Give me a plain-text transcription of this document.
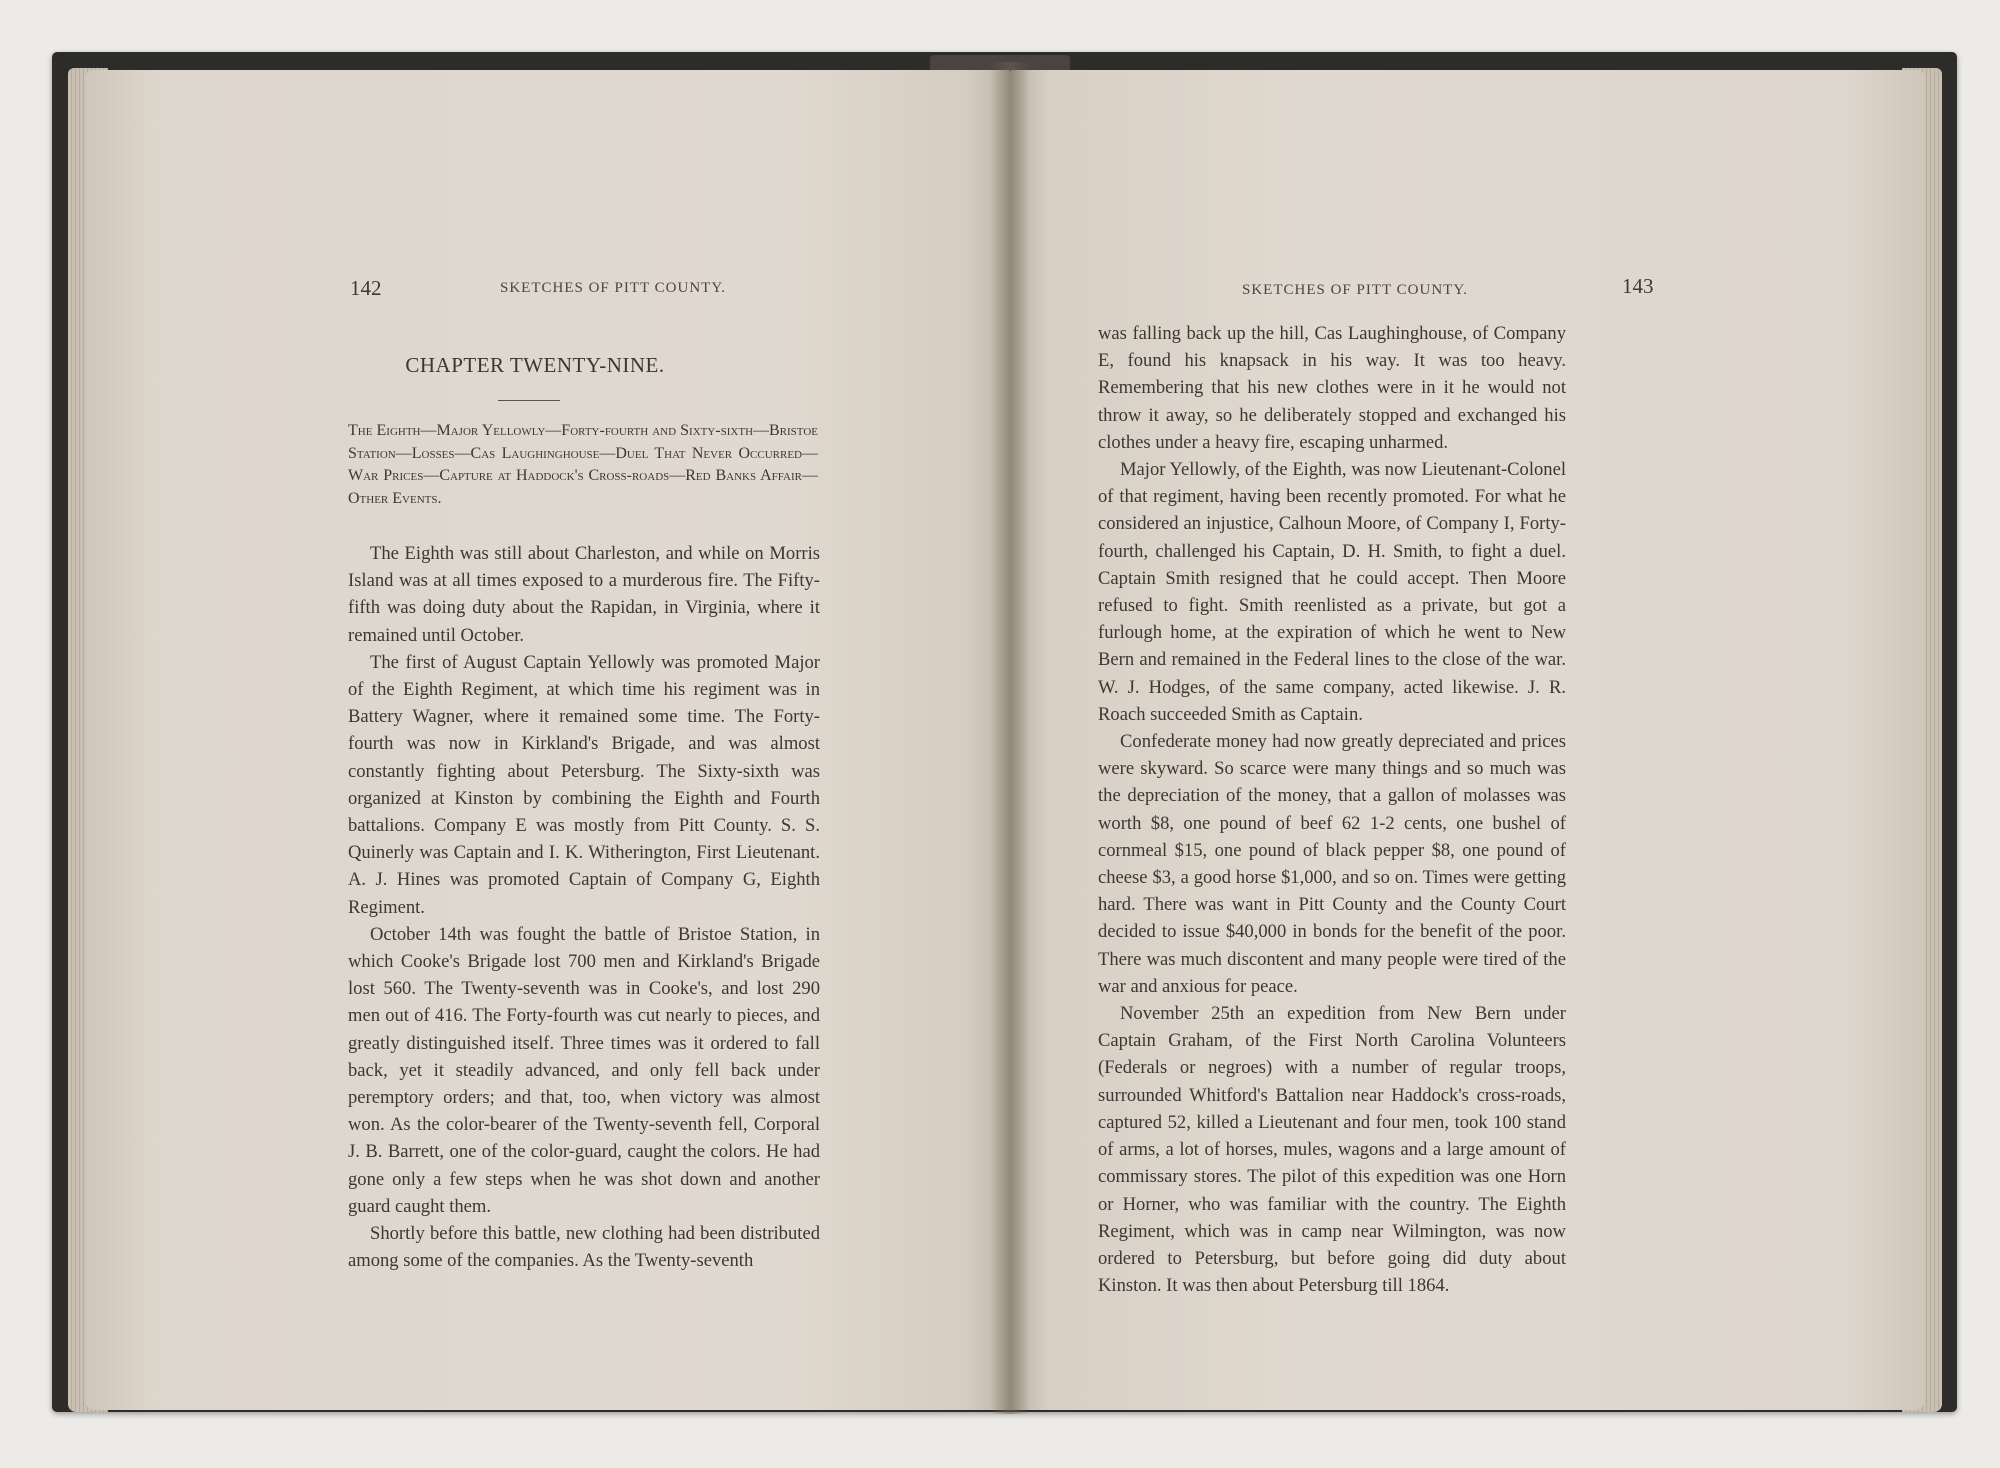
142	SKETCHES OF PITT COUNTY.
CHAPTER TWENTY-NINE.
The Eighth—Major Yellowly—Forty-fourth and Sixty-sixth—Bristoe Station—Losses—Cas Laughinghouse—Duel That Never Occurred—War Prices—Capture at Haddock's Cross-roads—Red Banks Affair—Other Events.

The Eighth was still about Charleston, and while on Morris Island was at all times exposed to a murderous fire. The Fifty-fifth was doing duty about the Rapidan, in Virginia, where it remained until October.

The first of August Captain Yellowly was promoted Major of the Eighth Regiment, at which time his regiment was in Battery Wagner, where it remained some time. The Forty-fourth was now in Kirkland's Brigade, and was almost constantly fighting about Petersburg. The Sixty-sixth was organized at Kinston by combining the Eighth and Fourth battalions. Company E was mostly from Pitt County. S. S. Quinerly was Captain and I. K. Witherington, First Lieutenant. A. J. Hines was promoted Captain of Company G, Eighth Regiment.

October 14th was fought the battle of Bristoe Station, in which Cooke's Brigade lost 700 men and Kirkland's Brigade lost 560. The Twenty-seventh was in Cooke's, and lost 290 men out of 416. The Forty-fourth was cut nearly to pieces, and greatly distinguished itself. Three times was it ordered to fall back, yet it steadily advanced, and only fell back under peremptory orders; and that, too, when victory was almost won. As the color-bearer of the Twenty-seventh fell, Corporal J. B. Barrett, one of the color-guard, caught the colors. He had gone only a few steps when he was shot down and another guard caught them.

Shortly before this battle, new clothing had been distributed among some of the companies. As the Twenty-seventh

SKETCHES OF PITT COUNTY.	143

was falling back up the hill, Cas Laughinghouse, of Company E, found his knapsack in his way. It was too heavy. Remembering that his new clothes were in it he would not throw it away, so he deliberately stopped and exchanged his clothes under a heavy fire, escaping unharmed.

Major Yellowly, of the Eighth, was now Lieutenant-Colonel of that regiment, having been recently promoted. For what he considered an injustice, Calhoun Moore, of Company I, Forty-fourth, challenged his Captain, D. H. Smith, to fight a duel. Captain Smith resigned that he could accept. Then Moore refused to fight. Smith reenlisted as a private, but got a furlough home, at the expiration of which he went to New Bern and remained in the Federal lines to the close of the war. W. J. Hodges, of the same company, acted likewise. J. R. Roach succeeded Smith as Captain.

Confederate money had now greatly depreciated and prices were skyward. So scarce were many things and so much was the depreciation of the money, that a gallon of molasses was worth $8, one pound of beef 62 1-2 cents, one bushel of cornmeal $15, one pound of black pepper $8, one pound of cheese $3, a good horse $1,000, and so on. Times were getting hard. There was want in Pitt County and the County Court decided to issue $40,000 in bonds for the benefit of the poor. There was much discontent and many people were tired of the war and anxious for peace.

November 25th an expedition from New Bern under Captain Graham, of the First North Carolina Volunteers (Federals or negroes) with a number of regular troops, surrounded Whitford's Battalion near Haddock's cross-roads, captured 52, killed a Lieutenant and four men, took 100 stand of arms, a lot of horses, mules, wagons and a large amount of commissary stores. The pilot of this expedition was one Horn or Horner, who was familiar with the country. The Eighth Regiment, which was in camp near Wilmington, was now ordered to Petersburg, but before going did duty about Kinston. It was then about Petersburg till 1864.
